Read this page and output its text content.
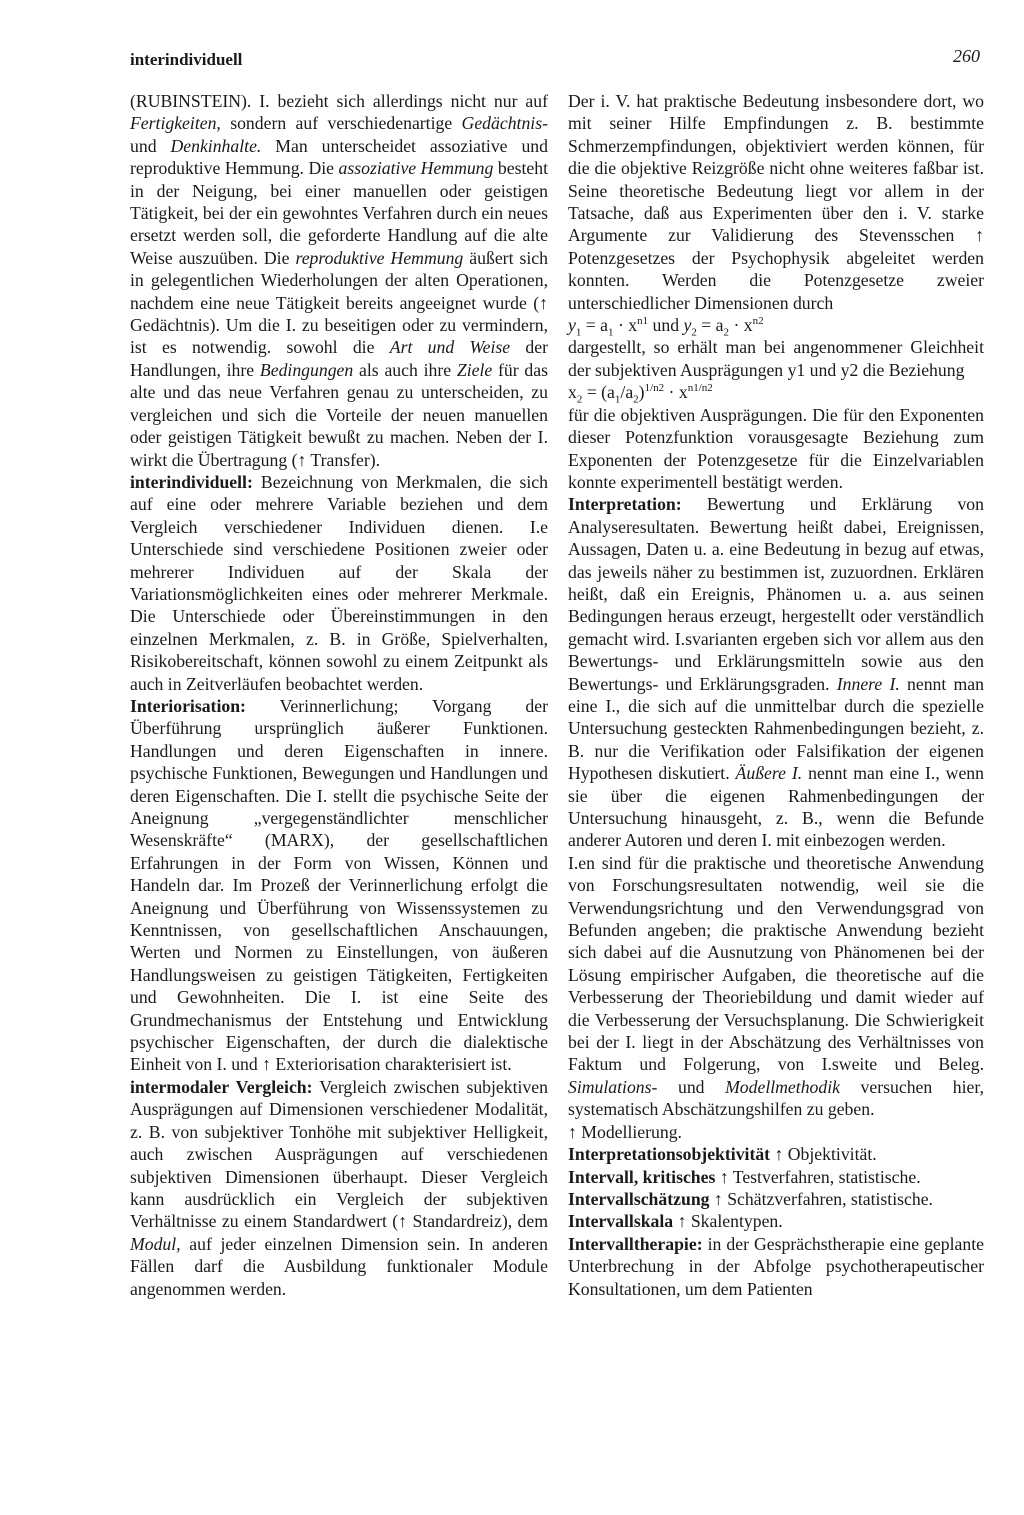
interindividuell	260

(RUBINSTEIN). I. bezieht sich allerdings nicht nur auf Fertigkeiten, sondern auf verschiedenartige Gedächtnis- und Denkinhalte. Man unterscheidet assoziative und reproduktive Hemmung. Die assoziative Hemmung besteht in der Neigung, bei einer manuellen oder geistigen Tätigkeit, bei der ein gewohntes Verfahren durch ein neues ersetzt werden soll, die geforderte Handlung auf die alte Weise auszuüben. Die reproduktive Hemmung äußert sich in gelegentlichen Wiederholungen der alten Operationen, nachdem eine neue Tätigkeit bereits angeeignet wurde (↑ Gedächtnis). Um die I. zu beseitigen oder zu vermindern, ist es notwendig. sowohl die Art und Weise der Handlungen, ihre Bedingungen als auch ihre Ziele für das alte und das neue Verfahren genau zu unterscheiden, zu vergleichen und sich die Vorteile der neuen manuellen oder geistigen Tätigkeit bewußt zu machen. Neben der I. wirkt die Übertragung (↑ Transfer).

interindividuell: Bezeichnung von Merkmalen, die sich auf eine oder mehrere Variable beziehen und dem Vergleich verschiedener Individuen dienen. I.e Unterschiede sind verschiedene Positionen zweier oder mehrerer Individuen auf der Skala der Variationsmöglichkeiten eines oder mehrerer Merkmale. Die Unterschiede oder Übereinstimmungen in den einzelnen Merkmalen, z. B. in Größe, Spielverhalten, Risikobereitschaft, können sowohl zu einem Zeitpunkt als auch in Zeitverläufen beobachtet werden.

Interiorisation: Verinnerlichung; Vorgang der Überführung ursprünglich äußerer Funktionen. Handlungen und deren Eigenschaften in innere. psychische Funktionen, Bewegungen und Handlungen und deren Eigenschaften. Die I. stellt die psychische Seite der Aneignung „vergegenständlichter menschlicher Wesenskräfte“ (MARX), der gesellschaftlichen Erfahrungen in der Form von Wissen, Können und Handeln dar. Im Prozeß der Verinnerlichung erfolgt die Aneignung und Überführung von Wissenssystemen zu Kenntnissen, von gesellschaftlichen Anschauungen, Werten und Normen zu Einstellungen, von äußeren Handlungsweisen zu geistigen Tätigkeiten, Fertigkeiten und Gewohnheiten. Die I. ist eine Seite des Grundmechanismus der Entstehung und Entwicklung psychischer Eigenschaften, der durch die dialektische Einheit von I. und ↑ Exteriorisation charakterisiert ist.

intermodaler Vergleich: Vergleich zwischen subjektiven Ausprägungen auf Dimensionen verschiedener Modalität, z. B. von subjektiver Tonhöhe mit subjektiver Helligkeit, auch zwischen Ausprägungen auf verschiedenen subjektiven Dimensionen überhaupt. Dieser Vergleich kann ausdrücklich ein Vergleich der subjektiven Verhältnisse zu einem Standardwert (↑ Standardreiz), dem Modul, auf jeder einzelnen Dimension sein. In anderen Fällen darf die Ausbildung funktionaler Module angenommen werden.

Der i. V. hat praktische Bedeutung insbesondere dort, wo mit seiner Hilfe Empfindungen z. B. bestimmte Schmerzempfindungen, objektiviert werden können, für die die objektive Reizgröße nicht ohne weiteres faßbar ist. Seine theoretische Bedeutung liegt vor allem in der Tatsache, daß aus Experimenten über den i. V. starke Argumente zur Validierung des Stevensschen ↑ Potenzgesetzes der Psychophysik abgeleitet werden konnten. Werden die Potenzgesetze zweier unterschiedlicher Dimensionen durch

$y_1 = a_1 \cdot x^{n1}$ und $y_2 = a_2 \cdot x^{n2}$

dargestellt, so erhält man bei angenommener Gleichheit der subjektiven Ausprägungen y1 und y2 die Beziehung

$x_2 = (a_1/a_2)^{1/n2} \cdot x^{n1/n2}$

für die objektiven Ausprägungen. Die für den Exponenten dieser Potenzfunktion vorausgesagte Beziehung zum Exponenten der Potenzgesetze für die Einzelvariablen konnte experimentell bestätigt werden.

Interpretation: Bewertung und Erklärung von Analyseresultaten. Bewertung heißt dabei, Ereignissen, Aussagen, Daten u. a. eine Bedeutung in bezug auf etwas, das jeweils näher zu bestimmen ist, zuzuordnen. Erklären heißt, daß ein Ereignis, Phänomen u. a. aus seinen Bedingungen heraus erzeugt, hergestellt oder verständlich gemacht wird. I.svarianten ergeben sich vor allem aus den Bewertungs- und Erklärungsmitteln sowie aus den Bewertungs- und Erklärungsgraden. Innere I. nennt man eine I., die sich auf die unmittelbar durch die spezielle Untersuchung gesteckten Rahmenbedingungen bezieht, z. B. nur die Verifikation oder Falsifikation der eigenen Hypothesen diskutiert. Äußere I. nennt man eine I., wenn sie über die eigenen Rahmenbedingungen der Untersuchung hinausgeht, z. B., wenn die Befunde anderer Autoren und deren I. mit einbezogen werden.

I.en sind für die praktische und theoretische Anwendung von Forschungsresultaten notwendig, weil sie die Verwendungsrichtung und den Verwendungsgrad von Befunden angeben; die praktische Anwendung bezieht sich dabei auf die Ausnutzung von Phänomenen bei der Lösung empirischer Aufgaben, die theoretische auf die Verbesserung der Theoriebildung und damit wieder auf die Verbesserung der Versuchsplanung. Die Schwierigkeit bei der I. liegt in der Abschätzung des Verhältnisses von Faktum und Folgerung, von I.sweite und Beleg. Simulations- und Modellmethodik versuchen hier, systematisch Abschätzungshilfen zu geben.

↑ Modellierung.

Interpretationsobjektivität ↑ Objektivität.

Intervall, kritisches ↑ Testverfahren, statistische.

Intervallschätzung ↑ Schätzverfahren, statistische.

Intervallskala ↑ Skalentypen.

Intervalltherapie: in der Gesprächstherapie eine geplante Unterbrechung in der Abfolge psychotherapeutischer Konsultationen, um dem Patienten
